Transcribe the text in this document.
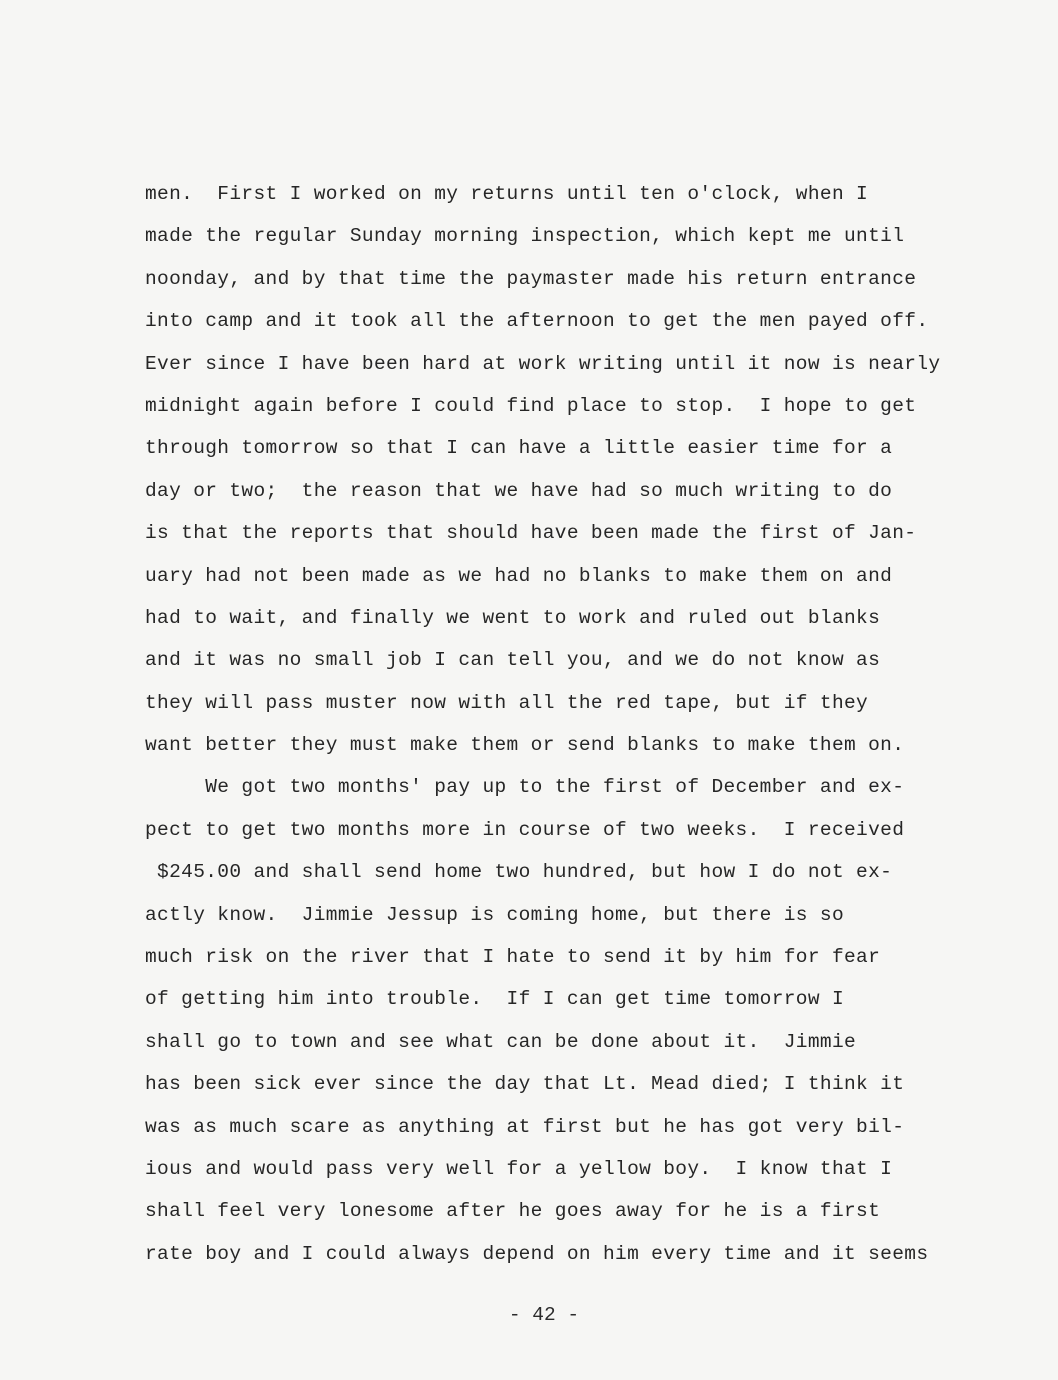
men.  First I worked on my returns until ten o'clock, when I
made the regular Sunday morning inspection, which kept me until
noonday, and by that time the paymaster made his return entrance
into camp and it took all the afternoon to get the men payed off.
Ever since I have been hard at work writing until it now is nearly
midnight again before I could find place to stop.  I hope to get
through tomorrow so that I can have a little easier time for a
day or two;  the reason that we have had so much writing to do
is that the reports that should have been made the first of Jan-
uary had not been made as we had no blanks to make them on and
had to wait, and finally we went to work and ruled out blanks
and it was no small job I can tell you, and we do not know as
they will pass muster now with all the red tape, but if they
want better they must make them or send blanks to make them on.
We got two months' pay up to the first of December and ex-
pect to get two months more in course of two weeks.  I received
$245.00 and shall send home two hundred, but how I do not ex-
actly know.  Jimmie Jessup is coming home, but there is so
much risk on the river that I hate to send it by him for fear
of getting him into trouble.  If I can get time tomorrow I
shall go to town and see what can be done about it.  Jimmie
has been sick ever since the day that Lt. Mead died; I think it
was as much scare as anything at first but he has got very bil-
ious and would pass very well for a yellow boy.  I know that I
shall feel very lonesome after he goes away for he is a first
rate boy and I could always depend on him every time and it seems
- 42 -
